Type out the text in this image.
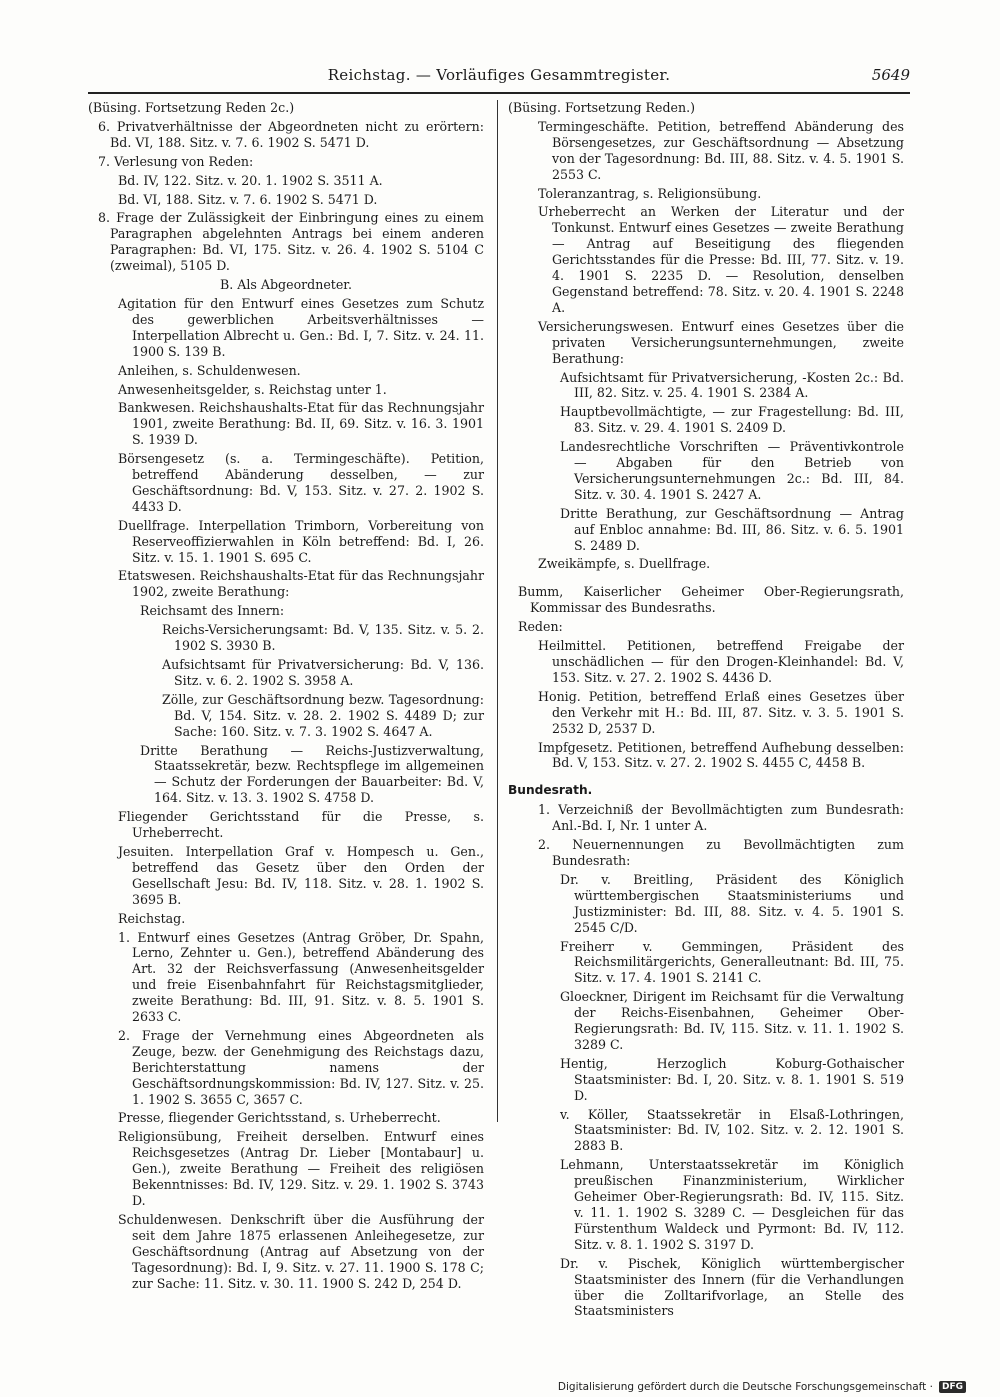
Reichstag. — Vorläufiges Gesammtregister.	5649
(Büsing. Fortsetzung Reden 2c.)
6. Privatverhältnisse der Abgeordneten nicht zu erörtern: Bd. VI, 188. Sitz. v. 7. 6. 1902 S. 5471 D.
7. Verlesung von Reden:
Bd. IV, 122. Sitz. v. 20. 1. 1902 S. 3511 A.
Bd. VI, 188. Sitz. v. 7. 6. 1902 S. 5471 D.
8. Frage der Zulässigkeit der Einbringung eines zu einem Paragraphen abgelehnten Antrags bei einem anderen Paragraphen: Bd. VI, 175. Sitz. v. 26. 4. 1902 S. 5104 C (zweimal), 5105 D.
B. Als Abgeordneter.
Agitation für den Entwurf eines Gesetzes zum Schutz des gewerblichen Arbeitsverhältnisses — Interpellation Albrecht u. Gen.: Bd. I, 7. Sitz. v. 24. 11. 1900 S. 139 B.
Anleihen, s. Schuldenwesen.
Anwesenheitsgelder, s. Reichstag unter 1.
Bankwesen. Reichshaushalts-Etat für das Rechnungsjahr 1901, zweite Berathung: Bd. II, 69. Sitz. v. 16. 3. 1901 S. 1939 D.
Börsengesetz (s. a. Termingeschäfte). Petition, betreffend Abänderung desselben, — zur Geschäftsordnung: Bd. V, 153. Sitz. v. 27. 2. 1902 S. 4433 D.
Duellfrage. Interpellation Trimborn, Vorbereitung von Reserveoffizierwahlen in Köln betreffend: Bd. I, 26. Sitz. v. 15. 1. 1901 S. 695 C.
Etatswesen. Reichshaushalts-Etat für das Rechnungsjahr 1902, zweite Berathung:
Reichsamt des Innern:
Reichs-Versicherungsamt: Bd. V, 135. Sitz. v. 5. 2. 1902 S. 3930 B.
Aufsichtsamt für Privatversicherung: Bd. V, 136. Sitz. v. 6. 2. 1902 S. 3958 A.
Zölle, zur Geschäftsordnung bezw. Tagesordnung: Bd. V, 154. Sitz. v. 28. 2. 1902 S. 4489 D; zur Sache: 160. Sitz. v. 7. 3. 1902 S. 4647 A.
Dritte Berathung — Reichs-Justizverwaltung, Staatssekretär, bezw. Rechtspflege im allgemeinen — Schutz der Forderungen der Bauarbeiter: Bd. V, 164. Sitz. v. 13. 3. 1902 S. 4758 D.
Fliegender Gerichtsstand für die Presse, s. Urheberrecht.
Jesuiten. Interpellation Graf v. Hompesch u. Gen., betreffend das Gesetz über den Orden der Gesellschaft Jesu: Bd. IV, 118. Sitz. v. 28. 1. 1902 S. 3695 B.
Reichstag.
1. Entwurf eines Gesetzes (Antrag Gröber, Dr. Spahn, Lerno, Zehnter u. Gen.), betreffend Abänderung des Art. 32 der Reichsverfassung (Anwesenheitsgelder und freie Eisenbahnfahrt für Reichstagsmitglieder, zweite Berathung: Bd. III, 91. Sitz. v. 8. 5. 1901 S. 2633 C.
2. Frage der Vernehmung eines Abgeordneten als Zeuge, bezw. der Genehmigung des Reichstags dazu, Berichterstattung namens der Geschäftsordnungskommission: Bd. IV, 127. Sitz. v. 25. 1. 1902 S. 3655 C, 3657 C.
Presse, fliegender Gerichtsstand, s. Urheberrecht.
Religionsübung, Freiheit derselben. Entwurf eines Reichsgesetzes (Antrag Dr. Lieber [Montabaur] u. Gen.), zweite Berathung — Freiheit des religiösen Bekenntnisses: Bd. IV, 129. Sitz. v. 29. 1. 1902 S. 3743 D.
Schuldenwesen. Denkschrift über die Ausführung der seit dem Jahre 1875 erlassenen Anleihegesetze, zur Geschäftsordnung (Antrag auf Absetzung von der Tagesordnung): Bd. I, 9. Sitz. v. 27. 11. 1900 S. 178 C; zur Sache: 11. Sitz. v. 30. 11. 1900 S. 242 D, 254 D.
(Büsing. Fortsetzung Reden.)
Termingeschäfte. Petition, betreffend Abänderung des Börsengesetzes, zur Geschäftsordnung — Absetzung von der Tagesordnung: Bd. III, 88. Sitz. v. 4. 5. 1901 S. 2553 C.
Toleranzantrag, s. Religionsübung.
Urheberrecht an Werken der Literatur und der Tonkunst. Entwurf eines Gesetzes — zweite Berathung — Antrag auf Beseitigung des fliegenden Gerichtsstandes für die Presse: Bd. III, 77. Sitz. v. 19. 4. 1901 S. 2235 D. — Resolution, denselben Gegenstand betreffend: 78. Sitz. v. 20. 4. 1901 S. 2248 A.
Versicherungswesen. Entwurf eines Gesetzes über die privaten Versicherungsunternehmungen, zweite Berathung:
Aufsichtsamt für Privatversicherung, -Kosten 2c.: Bd. III, 82. Sitz. v. 25. 4. 1901 S. 2384 A.
Hauptbevollmächtigte, — zur Fragestellung: Bd. III, 83. Sitz. v. 29. 4. 1901 S. 2409 D.
Landesrechtliche Vorschriften — Präventivkontrole — Abgaben für den Betrieb von Versicherungsunternehmungen 2c.: Bd. III, 84. Sitz. v. 30. 4. 1901 S. 2427 A.
Dritte Berathung, zur Geschäftsordnung — Antrag auf Enbloc annahme: Bd. III, 86. Sitz. v. 6. 5. 1901 S. 2489 D.
Zweikämpfe, s. Duellfrage.
Bumm, Kaiserlicher Geheimer Ober-Regierungsrath, Kommissar des Bundesraths.
Reden:
Heilmittel. Petitionen, betreffend Freigabe der unschädlichen — für den Drogen-Kleinhandel: Bd. V, 153. Sitz. v. 27. 2. 1902 S. 4436 D.
Honig. Petition, betreffend Erlaß eines Gesetzes über den Verkehr mit H.: Bd. III, 87. Sitz. v. 3. 5. 1901 S. 2532 D, 2537 D.
Impfgesetz. Petitionen, betreffend Aufhebung desselben: Bd. V, 153. Sitz. v. 27. 2. 1902 S. 4455 C, 4458 B.
Bundesrath.
1. Verzeichniß der Bevollmächtigten zum Bundesrath: Anl.-Bd. I, Nr. 1 unter A.
2. Neuernennungen zu Bevollmächtigten zum Bundesrath:
Dr. v. Breitling, Präsident des Königlich württembergischen Staatsministeriums und Justizminister: Bd. III, 88. Sitz. v. 4. 5. 1901 S. 2545 C/D.
Freiherr v. Gemmingen, Präsident des Reichsmilitärgerichts, Generalleutnant: Bd. III, 75. Sitz. v. 17. 4. 1901 S. 2141 C.
Gloeckner, Dirigent im Reichsamt für die Verwaltung der Reichs-Eisenbahnen, Geheimer Ober-Regierungsrath: Bd. IV, 115. Sitz. v. 11. 1. 1902 S. 3289 C.
Hentig, Herzoglich Koburg-Gothaischer Staatsminister: Bd. I, 20. Sitz. v. 8. 1. 1901 S. 519 D.
v. Köller, Staatssekretär in Elsaß-Lothringen, Staatsminister: Bd. IV, 102. Sitz. v. 2. 12. 1901 S. 2883 B.
Lehmann, Unterstaatssekretär im Königlich preußischen Finanzministerium, Wirklicher Geheimer Ober-Regierungsrath: Bd. IV, 115. Sitz. v. 11. 1. 1902 S. 3289 C. — Desgleichen für das Fürstenthum Waldeck und Pyrmont: Bd. IV, 112. Sitz. v. 8. 1. 1902 S. 3197 D.
Dr. v. Pischek, Königlich württembergischer Staatsminister des Innern (für die Verhandlungen über die Zolltarifvorlage, an Stelle des Staatsministers
Digitalisierung gefördert durch die Deutsche Forschungsgemeinschaft ·	DFG
